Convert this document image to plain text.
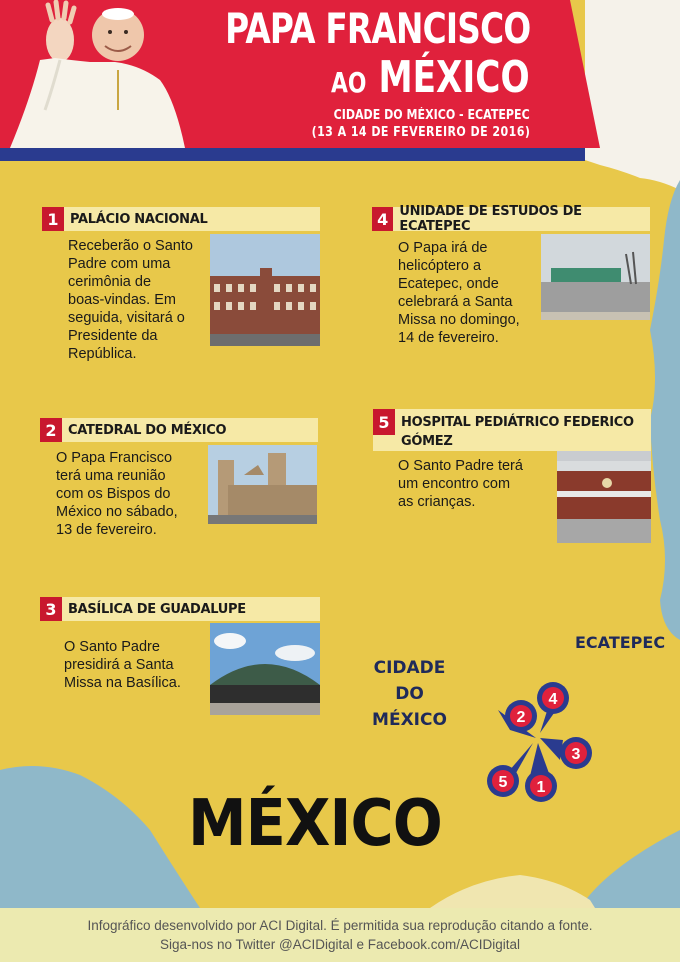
PAPA FRANCISCO
AO MÉXICO
CIDADE DO MÉXICO - ECATEPEC
(13 A 14 DE FEVEREIRO DE 2016)
1 PALÁCIO NACIONAL
Receberão o Santo
Padre com uma
cerimônia de
boas-vindas. Em
seguida, visitará o
Presidente da
República.
2 CATEDRAL DO MÉXICO
O Papa Francisco
terá uma reunião
com os Bispos do
México no sábado,
13 de fevereiro.
3 BASÍLICA DE GUADALUPE
O Santo Padre
presidirá a Santa
Missa na Basílica.
4 UNIDADE DE ESTUDOS DE ECATEPEC
O Papa irá de
helicóptero a
Ecatepec, onde
celebrará a Santa
Missa no domingo,
14 de fevereiro.
5 HOSPITAL PEDIÁTRICO FEDERICO
GÓMEZ
O Santo Padre terá
um encontro com
as crianças.
ECATEPEC
CIDADE DO
MÉXICO	2
4
3
5 1
MÉXICO
Infográfico desenvolvido por ACI Digital. É permitida sua reprodução citando a fonte.
Siga-nos no Twitter @ACIDigital e Facebook.com/ACIDigital
